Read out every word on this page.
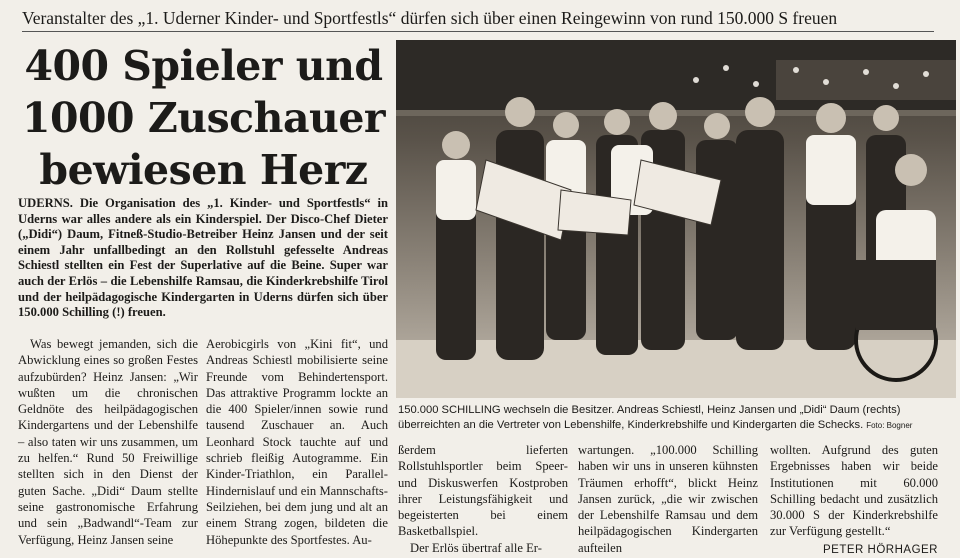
Veranstalter des „1. Uderner Kinder- und Sportfestls“ dürfen sich über einen Reingewinn von rund 150.000 S freuen
400 Spieler und
1000 Zuschauer
bewiesen Herz
UDERNS. Die Organisation des „1. Kinder- und Sportfestls“ in Uderns war alles andere als ein Kinderspiel. Der Disco-Chef Dieter („Didi“) Daum, Fitneß-Studio-Betreiber Heinz Jansen und der seit einem Jahr unfallbedingt an den Rollstuhl gefesselte Andreas Schiestl stellten ein Fest der Superlative auf die Beine. Super war auch der Erlös – die Lebenshilfe Ramsau, die Kinderkrebshilfe Tirol und der heilpädagogische Kindergarten in Uderns dürfen sich über 150.000 Schilling (!) freuen.

Was bewegt jemanden, sich die Abwicklung eines so großen Festes aufzubürden? Heinz Jansen: „Wir wußten um die chronischen Geldnöte des heilpädagogischen Kindergartens und der Lebenshilfe – also taten wir uns zusammen, um zu helfen.“ Rund 50 Freiwillige stellten sich in den Dienst der guten Sache. „Didi“ Daum stellte seine gastronomische Erfahrung und sein „Badwandl“-Team zur Verfügung, Heinz Jansen seine

Aerobicgirls von „Kini fit“, und Andreas Schiestl mobilisierte seine Freunde vom Behindertensport. Das attraktive Programm lockte an die 400 Spieler/innen sowie rund tausend Zuschauer an. Auch Leonhard Stock tauchte auf und schrieb fleißig Autogramme. Ein Kinder-Triathlon, ein Parallel-Hindernislauf und ein Mannschafts-Seilziehen, bei dem jung und alt an einem Strang zogen, bildeten die Höhepunkte des Sportfestes. Au-

150.000 SCHILLING wechseln die Besitzer. Andreas Schiestl, Heinz Jansen und „Didi“ Daum (rechts) überreichten an die Vertreter von Lebenshilfe, Kinderkrebshilfe und Kindergarten die Schecks. Foto: Bogner

ßerdem lieferten Rollstuhlsportler beim Speer- und Diskuswerfen Kostproben ihrer Leistungsfähigkeit und begeisterten bei einem Basketballspiel.

Der Erlös übertraf alle Er-

wartungen. „100.000 Schilling haben wir uns in unseren kühnsten Träumen erhofft“, blickt Heinz Jansen zurück, „die wir zwischen der Lebenshilfe Ramsau und dem heilpädagogischen Kindergarten aufteilen

wollten. Aufgrund des guten Ergebnisses haben wir beide Institutionen mit 60.000 Schilling bedacht und zusätzlich 30.000 S der Kinderkrebshilfe zur Verfügung gestellt.“

PETER HÖRHAGER
